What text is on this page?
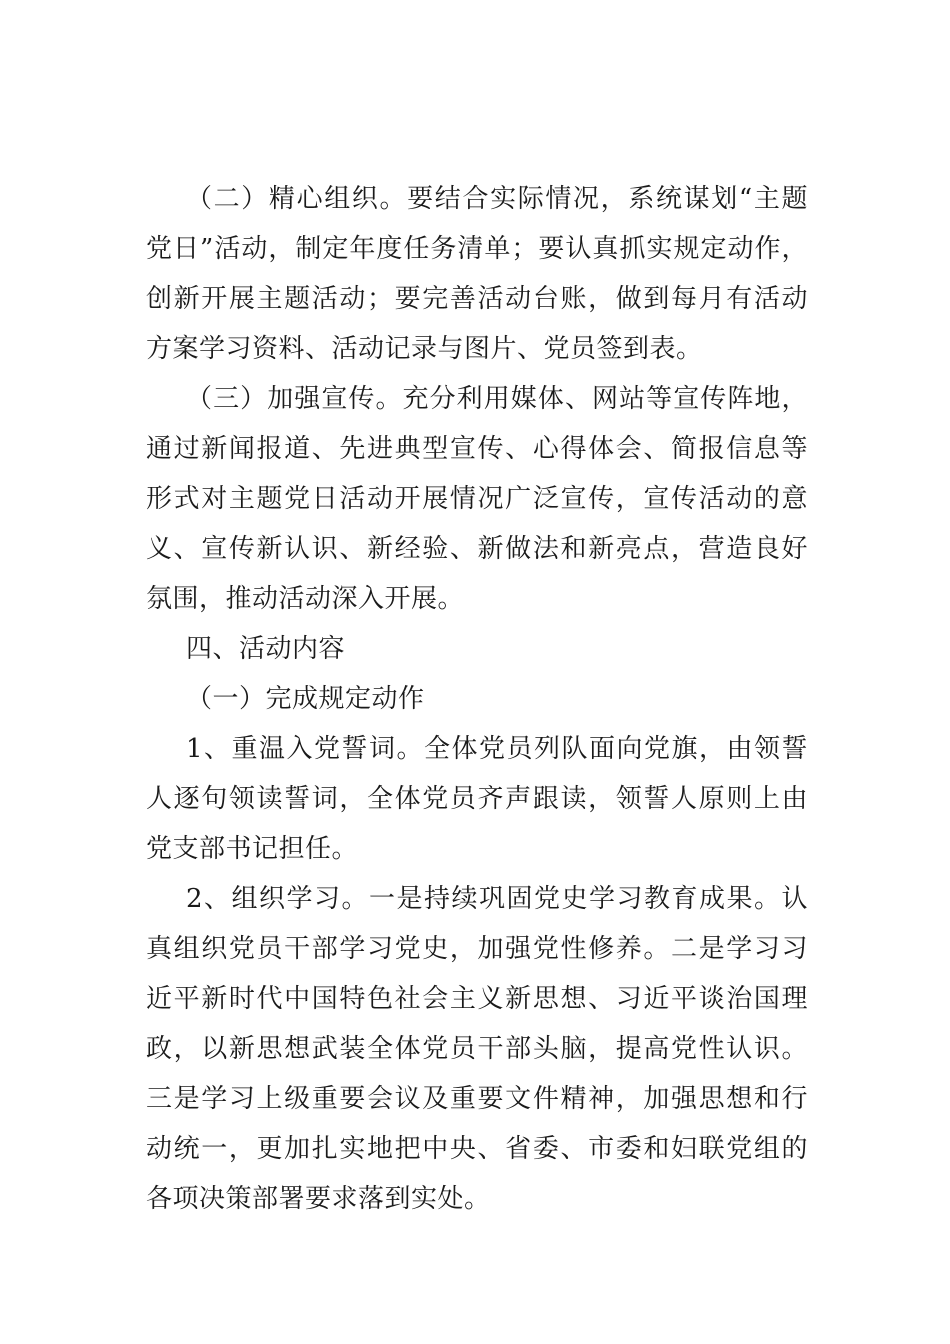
（二）精心组织。要结合实际情况，系统谋划“主题党日”活动，制定年度任务清单；要认真抓实规定动作，创新开展主题活动；要完善活动台账，做到每月有活动方案学习资料、活动记录与图片、党员签到表。

（三）加强宣传。充分利用媒体、网站等宣传阵地，通过新闻报道、先进典型宣传、心得体会、简报信息等形式对主题党日活动开展情况广泛宣传，宣传活动的意义、宣传新认识、新经验、新做法和新亮点，营造良好氛围，推动活动深入开展。

四、活动内容

（一）完成规定动作

1、重温入党誓词。全体党员列队面向党旗，由领誓人逐句领读誓词，全体党员齐声跟读，领誓人原则上由党支部书记担任。

2、组织学习。一是持续巩固党史学习教育成果。认真组织党员干部学习党史，加强党性修养。二是学习习近平新时代中国特色社会主义新思想、习近平谈治国理政，以新思想武装全体党员干部头脑，提高党性认识。三是学习上级重要会议及重要文件精神，加强思想和行动统一，更加扎实地把中央、省委、市委和妇联党组的各项决策部署要求落到实处。
